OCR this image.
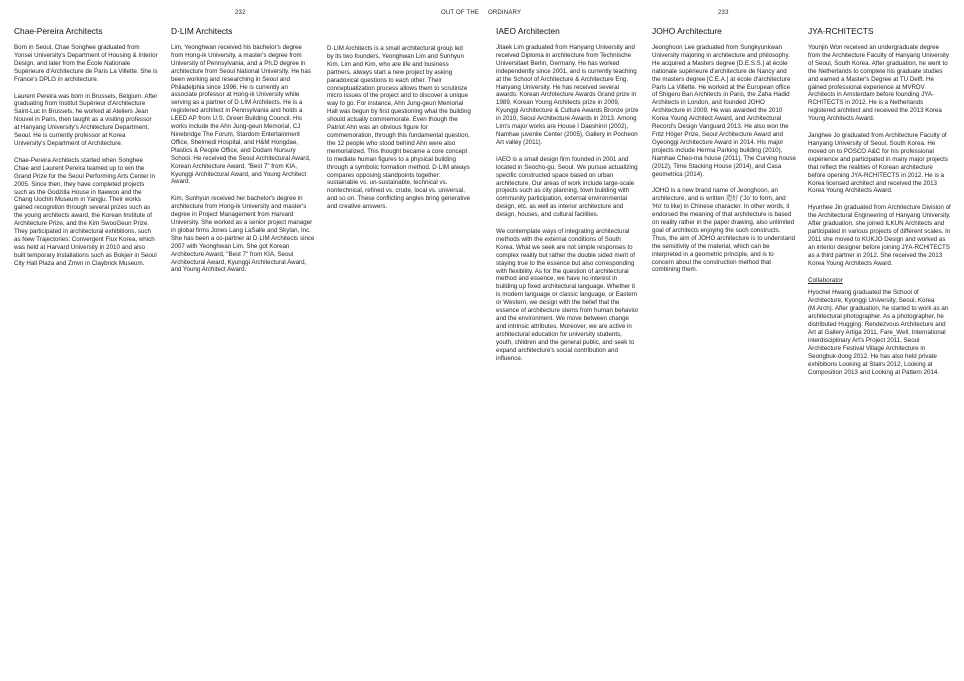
232	OUT OF THE ORDINARY	233
Chae-Pereira Architects

Born in Seoul, Chae Songhee graduated from Yonsei University's Department of Housing & Interior Design, and later from the École Nationale Supérieure d'Architecture de Paris La Villette. She is France's DPLG in architecture.

Laurent Pereira was born in Brussels, Belgium. After graduating from Institut Supérieur d'Architecture Saint-Luc in Brussels, he worked at Ateliers Jean Nouvel in Paris, then taught as a visiting professor at Hanyang University's Architecture Department, Seoul. He is currently professor at Korea University's Department of Architecture.

Chae-Pereira Architects started when Songhee Chae and Laurent Pereira teamed up to win the Grand Prize for the Seoul Performing Arts Center in 2005. Since then, they have completed projects such as the Godzilla House in Itaewon and the Chang Uochin Museum in Yangju. Their works gained recognition through several prizes such as the young architects award, the Korean Institute of Architecture Prize, and the Kim SwooGeun Prize. They participated in architectural exhibitions, such as New Trajectories: Convergent Flux Korea, which was held at Harvard University in 2010 and also built temporary installations such as Bokjeir in Seoul City Hall Plaza and Zmvn in Claybrick Museum.

D·LIM Architects

Lim, Yeonghwan received his bachelor's degree from Hong-ik University, a master's degree from University of Pennsylvania, and a Ph.D degree in architecture from Seoul National University. He has been working and researching in Seoul and Philadelphia since 1996. He is currently an associate professor at Hong-ik University while serving as a partner of D·LIM Architects. He is a registered architect in Pennsylvania and holds a LEED AP from U.S. Green Building Council. His works include the Ahn Jung-geun Memorial, CJ Ninebridge The Forum, Stardom Entertainment Office, Shelmedi Hospital, and H&M Hongdae, Plastics & People Office, and Dodam Nursury School. He received the Seoul Architectural Award, Korean Architecture Award, "Best 7" from KIA, Kyunggi Architectural Award, and Young Architect Award.

Kim, Sunhyun received her bachelor's degree in architecture from Hong-ik University and master's degree in Project Management from Harvard University. She worked as a senior project manager in global firms Jones Lang LaSalle and Skylan, Inc. She has been a co-partner at D·LIM Architects since 2007 with Yeonghwan Lim. She got Korean Architecture Award, "Best 7" from KIA, Seoul Architectural Award, Kyunggi Architectural Award, and Young Architect Award.

D·LIM Architects is a small architectural group led by its two founders, Yeonghwan Lim and Sunhyun Kim. Lim and Kim, who are life and business partners, always start a new project by asking paradoxical questions to each other. Their conceptualization process allows them to scrutinize micro issues of the project and to discover a unique way to go. For instance, Ahn Jung-geun Memorial Hall was begun by first questioning what the building should actually commemorate. Even though the Patriot Ahn was an obvious figure for commemoration, through this fundamental question, the 12 people who stood behind Ahn were also memorialized. This thought became a core concept to mediate human figures to a physical building through a symbolic formation method. D·LIM always compares opposing standpoints together: sustainable vs. un-sustainable, technical vs. nontechnical, refined vs. crude, local vs. universal, and so on. These conflicting angles bring generative and creative answers.

IAEO Architecten

Jitaek Lim graduated from Hanyang University and received Diploma in architecture from Technische Universitaet Berlin, Germany. He has worked independently since 2001, and is currently teaching at the School of Architecture & Architecture Eng. Hanyang University. He has received several awards: Korean Architecture Awards Grand prize in 1989, Korean Young Architects prize in 2009, Kyunggi Architecture & Culture Awards Bronze prize in 2010, Seoul Architecture Awards in 2013. Among Lim's major works are House I Daeshinri (2002), Namhae juvenile Center (2005), Gallery in Pocheon Art valley (2011).

IAEO is a small design firm founded in 2001 and located in Seocho-gu, Seoul. We pursue actualizing specific constructed space based on urban architecture. Our areas of work include large-scale projects such as city planning, town building with community participation, external environmental design, etc. as well as interior architecture and design, houses, and cultural facilities.

We contemplate ways of integrating architectural methods with the external conditions of South Korea. What we seek are not simple responses to complex reality but rather the double sided merit of staying true to the essence but also corresponding with flexibility. As for the question of architectural method and essence, we have no interest in building up fixed architectural language. Whether it is modern language or classic language, or Eastern or Western, we design with the belief that the essence of architecture stems from human behavior and the environment. We move between change and intrinsic attributes. Moreover, we are active in architectural education for university students, youth, children and the general public, and seek to expand architecture's social contribution and influence.

JOHO Architecture

Jeonghoon Lee graduated from Sungkyunkwan University majoring in architecture and philosophy. He acquired a Masters degree [D.E.S.S.] at école nationale supérieure d'architecture de Nancy and the masters degree [C.E.A.] at école d'architecture Paris La Villette. He worked at the European office of Shigeru Ban Architects in Paris, the Zaha Hadid Architects in London, and founded JOHO Architecture in 2009. He was awarded the 2010 Korea Young Architect Award, and Architectural Record's Design Vanguard 2013. He also won the Fritz Höger Prize, Seoul Architecture Award and Gyeonggi Architecture Award in 2014. His major projects include Herma Parking building (2010), Namhae Cheo-ma house (2011), The Curving house (2012), Time Stacking House (2014), and Casa geometrica (2014).

JOHO is a new brand name of Jeonghoon, an architecture, and is written 造好 ('Jo' to form, and 'Ho' to like) in Chinese character. In other words, it endorsed the meaning of that architecture is based on reality rather in the paper drawing, also unlimited goal of architects enjoying the such constructs. Thus, the aim of JOHO architecture is to understand the sensitivity of the material, which can be interpreted in a geometric principle, and is to concern about the construction method that combining them.

JYA-RCHITECTS

Younjin Won received an undergraduate degree from the Architecture Faculty of Hanyang University of Seoul, South Korea. After graduation, he went to the Netherlands to complete his graduate studies and earned a Master's Degree at TU Delft. He gained professional experience at MVRDV Architects in Amsterdam before founding JYA-RCHITECTS in 2012. He is a Netherlands registered architect and received the 2013 Korea Young Architects Award.

Janghee Jo graduated from Architecture Faculty of Hanyang University of Seoul, South Korea. He moved on to POSCO A&C for his professional experience and participated in many major projects that reflect the realities of Korean architecture before opening JYA-RCHITECTS in 2012. He is a Korea licensed architect and received the 2013 Korea Young Architects Award.

Hyunhee Jin graduated from Architecture Division of the Architectural Engineering of Hanyang University. After graduation, she joined ILKUN Architects and participated in various projects of different scales. In 2011 she moved to KUKJO Design and worked as an interior designer before joining JYA-RCHITECTS as a third partner in 2012. She received the 2013 Korea Young Architects Award.

Collaborator

Hyochel Hwang graduated the School of Architecture, Kyonggi University, Seoul, Korea (M.Arch). After graduation, he started to work as an architectural photographer. As a photographer, he distributed Hugging: Rendezvous Architecture and Art at Gallery Artiga 2011, Fare_Well, International interdisciplinary Art's Project 2011, Seoul Architecture Festival Village Architecture in Seongbuk-dong 2012. He has also held private exhibitions Looking at Stairs 2012, Looking at Composition 2013 and Looking at Pattern 2014.
